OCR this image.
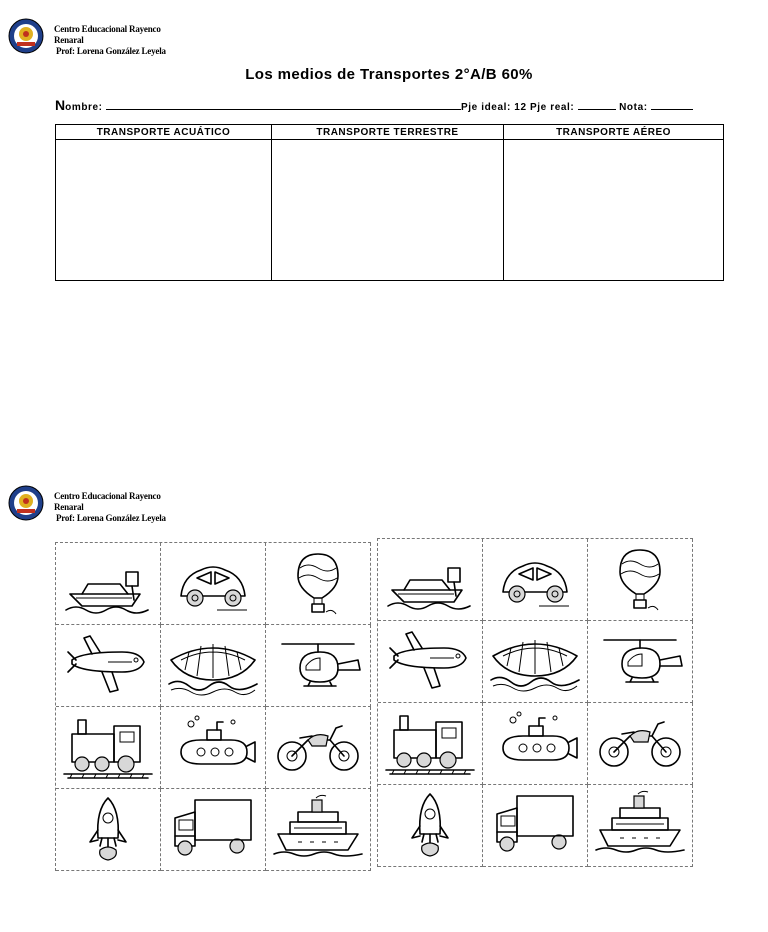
Centro Educacional Rayenco
Renaral
Prof: Lorena González Leyela
Los medios de Transportes 2°A/B 60%
Nombre:	Pje ideal: 12 Pje real:	Nota:
TRANSPORTE ACUÁTICO	TRANSPORTE TERRESTRE	TRANSPORTE AÉREO

Centro Educacional Rayenco
Renaral
Prof: Lorena González Leyela
